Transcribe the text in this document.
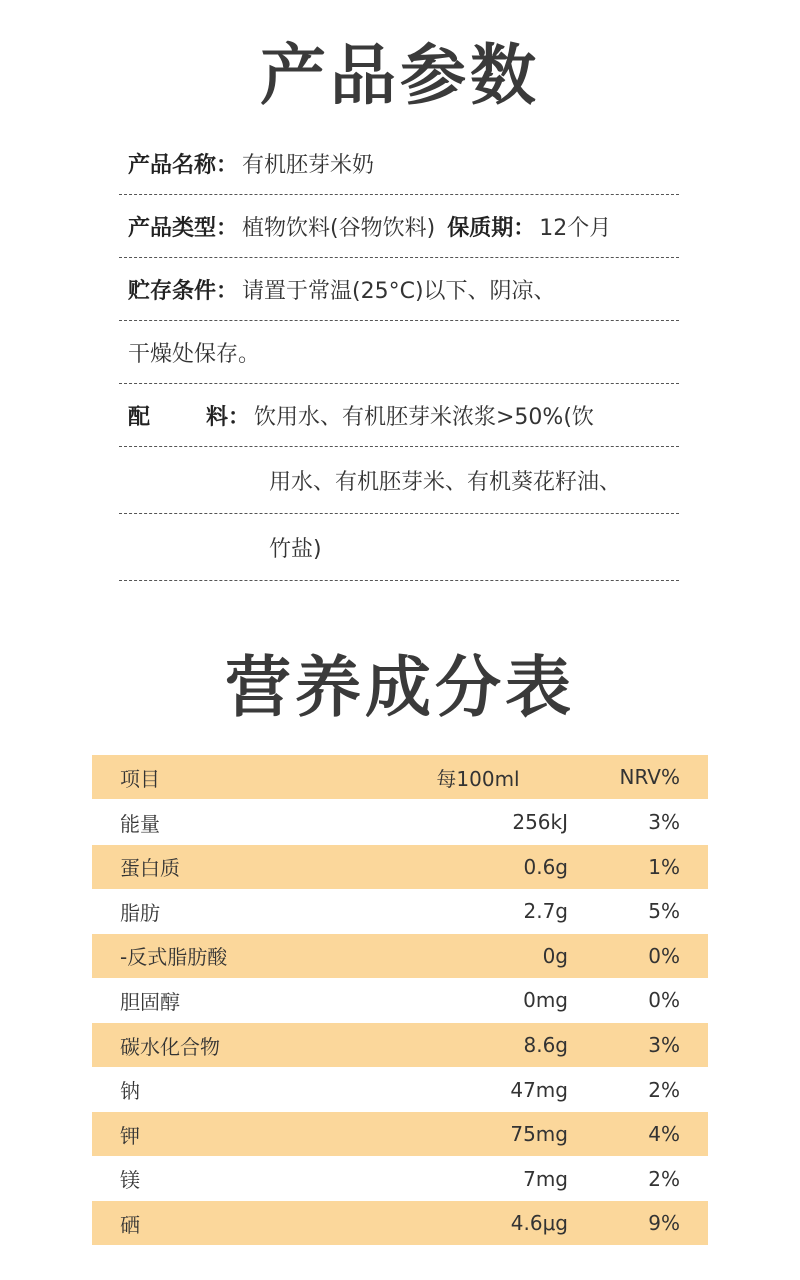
产品参数
产品名称： 有机胚芽米奶
产品类型： 植物饮料(谷物饮料) 保质期： 12个月
贮存条件： 请置于常温(25°C)以下、阴凉、
干燥处保存。
配	料： 饮用水、有机胚芽米浓浆>50%(饮
用水、有机胚芽米、有机葵花籽油、
竹盐)
营养成分表
项目	每100ml	NRV%
能量	256kJ	3%
蛋白质	0.6g	1%
脂肪	2.7g	5%
-反式脂肪酸	0g	0%
胆固醇	0mg	0%
碳水化合物	8.6g	3%
钠	47mg	2%
钾	75mg	4%
镁	7mg	2%
硒	4.6μg	9%
